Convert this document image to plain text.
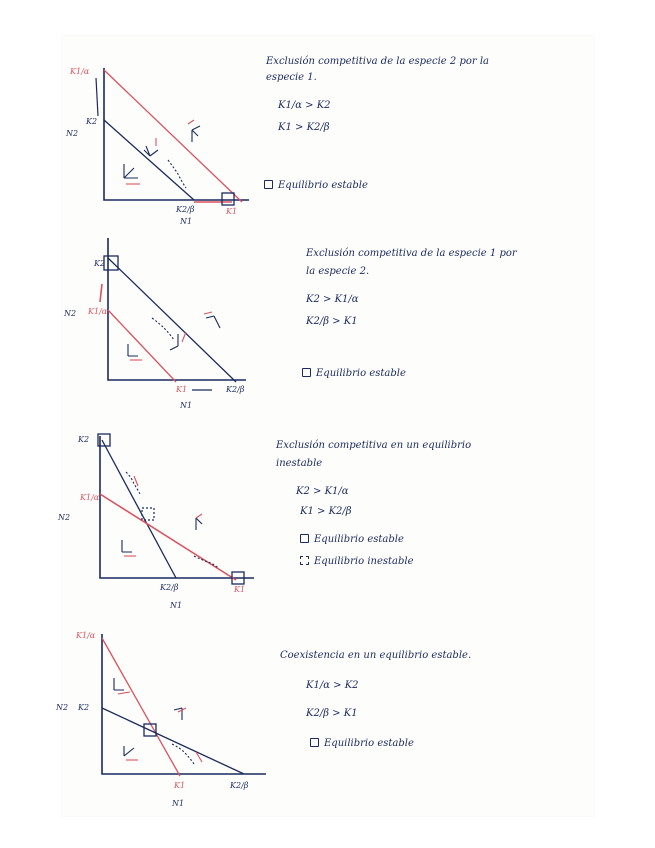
K1/α
K2
N2
K2/β	K1
N1
Exclusión competitiva de la especie 2 por la
especie 1.
K1/α > K2
K1 > K2/β
Equilibrio estable
K2
K1/α
N2
K1	K2/β
N1
Exclusión competitiva de la especie 1 por
la especie 2.
K2 > K1/α
K2/β > K1
Equilibrio estable
K2
K1/α
N2
K2/β	K1
N1
Exclusión competitiva en un equilibrio
inestable
K2 > K1/α
K1 > K2/β
Equilibrio estable
Equilibrio inestable
K1/α
N2 K2
K1	K2/β
N1
Coexistencia en un equilibrio estable.
K1/α > K2
K2/β > K1
Equilibrio estable
